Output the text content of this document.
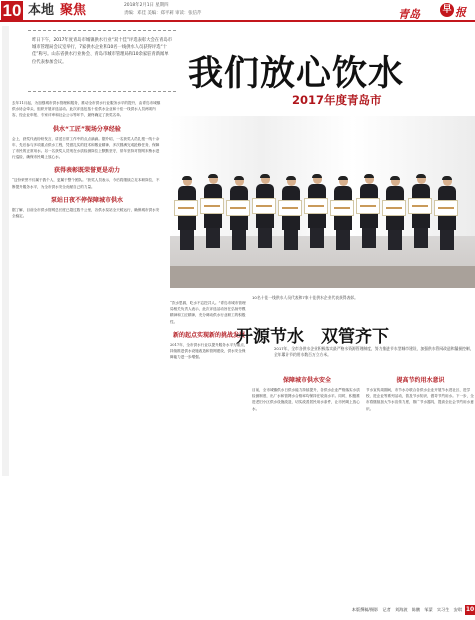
10 本地 聚焦	2018年2月1日 星期四
责编：邓佳 美编：郑平莉 审读：张信芹	青岛 早 报

昨日下午，2017年度青岛市城镇供水行业“双十佳”评选表彰大会在青岛市城市管理局会议室举行，7家供水企业和10名一线供水人员获得评选“十佳”称号。山东省供水行业协会、青岛市城市管理局和10余家驻青新闻单位代表参加会议。	我们放心饮水
2017年度青岛市

去年11月起，为加强城市供水管理和服务，推动全市供水行业服务水平的提升，由青岛市城镇供水协会牵头，组织开展评选活动。此次评选包括十佳供水企业和十佳一线供水人员两项内容，经企业申报、专家评审和社会公示等环节，最终确定了获奖名单。

供水“工匠”现场分享经验

会上，获奖代表纷纷发言，讲述日常工作中的点点滴滴。据介绍，一名获奖人员扎根一线十余年，先后参与多项重点供水工程，凭借扎实的技术和敬业精神，多次圆满完成抢修任务，保障了市民的正常用水。另一名获奖人员则在水质检测岗位上默默坚守，常年坚持对管网末梢水进行巡检，确保市民喝上放心水。

获得表彰既荣誉更是动力

“这份荣誉不仅属于我个人，更属于整个团队。”获奖人员表示，今后将继续立足本职岗位，不断提升服务水平，为全市供水安全贡献自己的力量。

泵站日夜不停保障城市供水

据了解，目前全市供水管网总长度已超过数千公里，各供水泵站全天候运行，确保城市供水安全稳定。

10名十佳一线供水人员代表和7家十佳供水企业代表获得表彰。

“饮水思源，吃水不忘挖井人。”青岛市城市管理局相关负责人表示，此次评选活动旨在弘扬劳模精神和工匠精神，充分调动供水行业职工的积极性。

新的起点实现新的挑战发展

2017年，全市供水行业以提升服务水平为重点，持续推进供水设施改造和管网建设，供水安全保障能力进一步增强。

开源节水　双管齐下
2017年，全市各供水企业积极落实最严格水资源管理制度，努力推进节水型城市建设，加强供水管网改造和漏损控制，全年累计节约用水数百万立方米。
保障城市供水安全

目前，全市城镇供水日供水能力持续提升，各供水企业严格落实水质检测制度，出厂水和管网水合格率均保持在较高水平。同时，积极推进老旧小区供水设施改造，切实改善居民用水条件，让市民喝上放心水。

提高节约用水意识

节水宣传周期间，市节水办联合各供水企业开展节水进社区、进学校、进企业等系列活动，普及节水知识，倡导节约用水。下一步，全市将继续加大节水宣传力度，推广节水器具，提高全社会节约用水意识。

本版撰稿/摄影　记者　刘海波　陈鹏　邹蒙　实习生　安琪 10
